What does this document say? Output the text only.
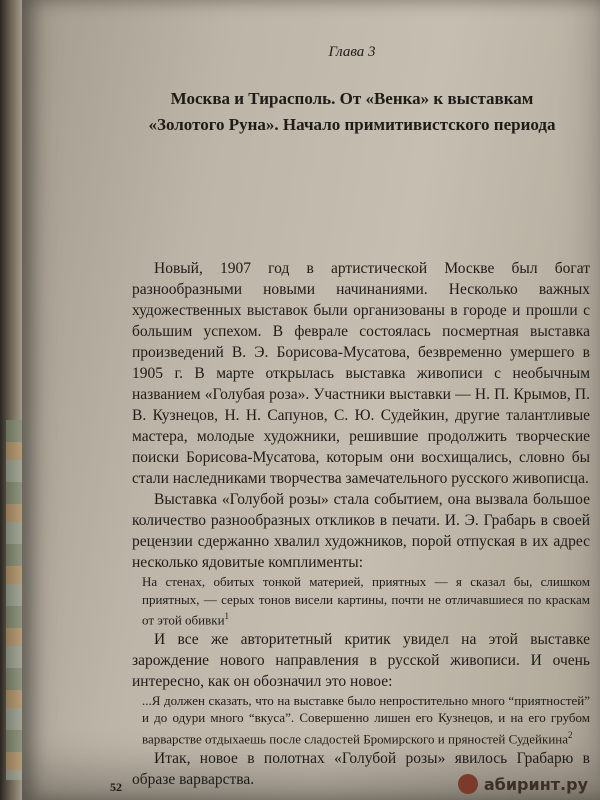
Глава 3
Москва и Тирасполь. От «Венка» к выставкам
«Золотого Руна». Начало примитивистского периода

Новый, 1907 год в артистической Москве был богат разнообразными новыми начинаниями. Несколько важных художественных выставок были организованы в городе и прошли с большим успехом. В феврале состоялась посмертная выставка произведений В. Э. Борисова-Мусатова, безвременно умершего в 1905 г. В марте открылась выставка живописи с необычным названием «Голубая роза». Участники выставки — Н. П. Крымов, П. В. Кузнецов, Н. Н. Сапунов, С. Ю. Судейкин, другие талантливые мастера, молодые художники, решившие продолжить творческие поиски Борисова-Мусатова, которым они восхищались, словно бы стали наследниками творчества замечательного русского живописца.

Выставка «Голубой розы» стала событием, она вызвала большое количество разнообразных откликов в печати. И. Э. Грабарь в своей рецензии сдержанно хвалил художников, порой отпуская в их адрес несколько ядовитые комплименты:

На стенах, обитых тонкой материей, приятных — я сказал бы, слишком приятных, — серых тонов висели картины, почти не отличавшиеся по краскам от этой обивки$^1$

И все же авторитетный критик увидел на этой выставке зарождение нового направления в русской живописи. И очень интересно, как он обозначил это новое:

...Я должен сказать, что на выставке было непростительно много “приятностей” и до одури много “вкуса”. Совершенно лишен его Кузнецов, и на его грубом варварстве отдыхаешь после сладостей Бромирского и пряностей Судейкина$^2$

Итак, новое в полотнах «Голубой розы» явилось Грабарю в образе варварства.

52	абиринт.ру
